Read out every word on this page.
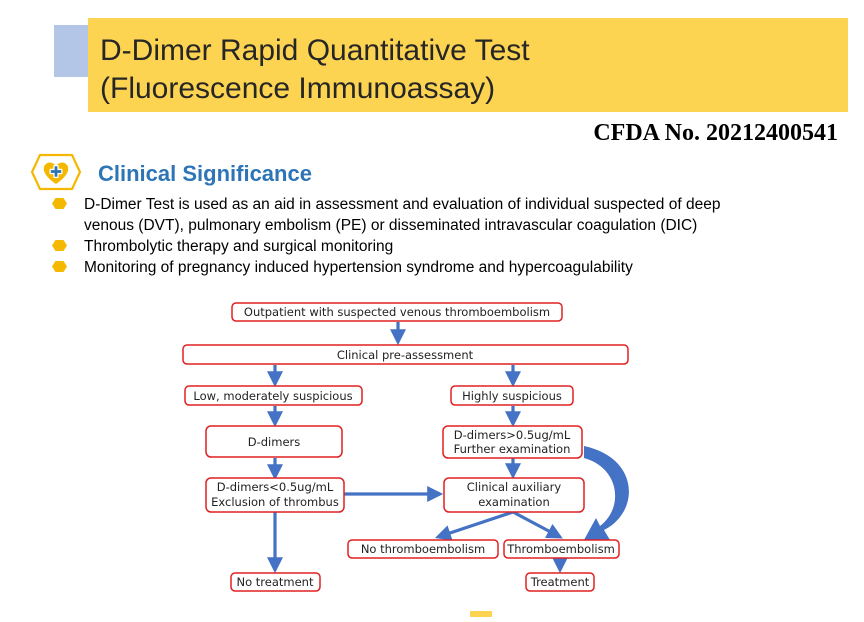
D-Dimer Rapid Quantitative Test
(Fluorescence Immunoassay)
CFDA No. 20212400541
Clinical Significance
D-Dimer Test is used as an aid in assessment and evaluation of individual suspected of deep
venous (DVT), pulmonary embolism (PE) or disseminated intravascular coagulation (DIC)
Thrombolytic therapy and surgical monitoring
Monitoring of pregnancy induced hypertension syndrome and hypercoagulability
Outpatient with suspected venous thromboembolism
Clinical pre-assessment
Low, moderately suspicious	Highly suspicious
D-dimers	D-dimers>0.5ug/mL
Further examination
D-dimers<0.5ug/mL
Exclusion of thrombus
Clinical auxiliary
examination
No thromboembolism Thromboembolism
No treatment	Treatment
